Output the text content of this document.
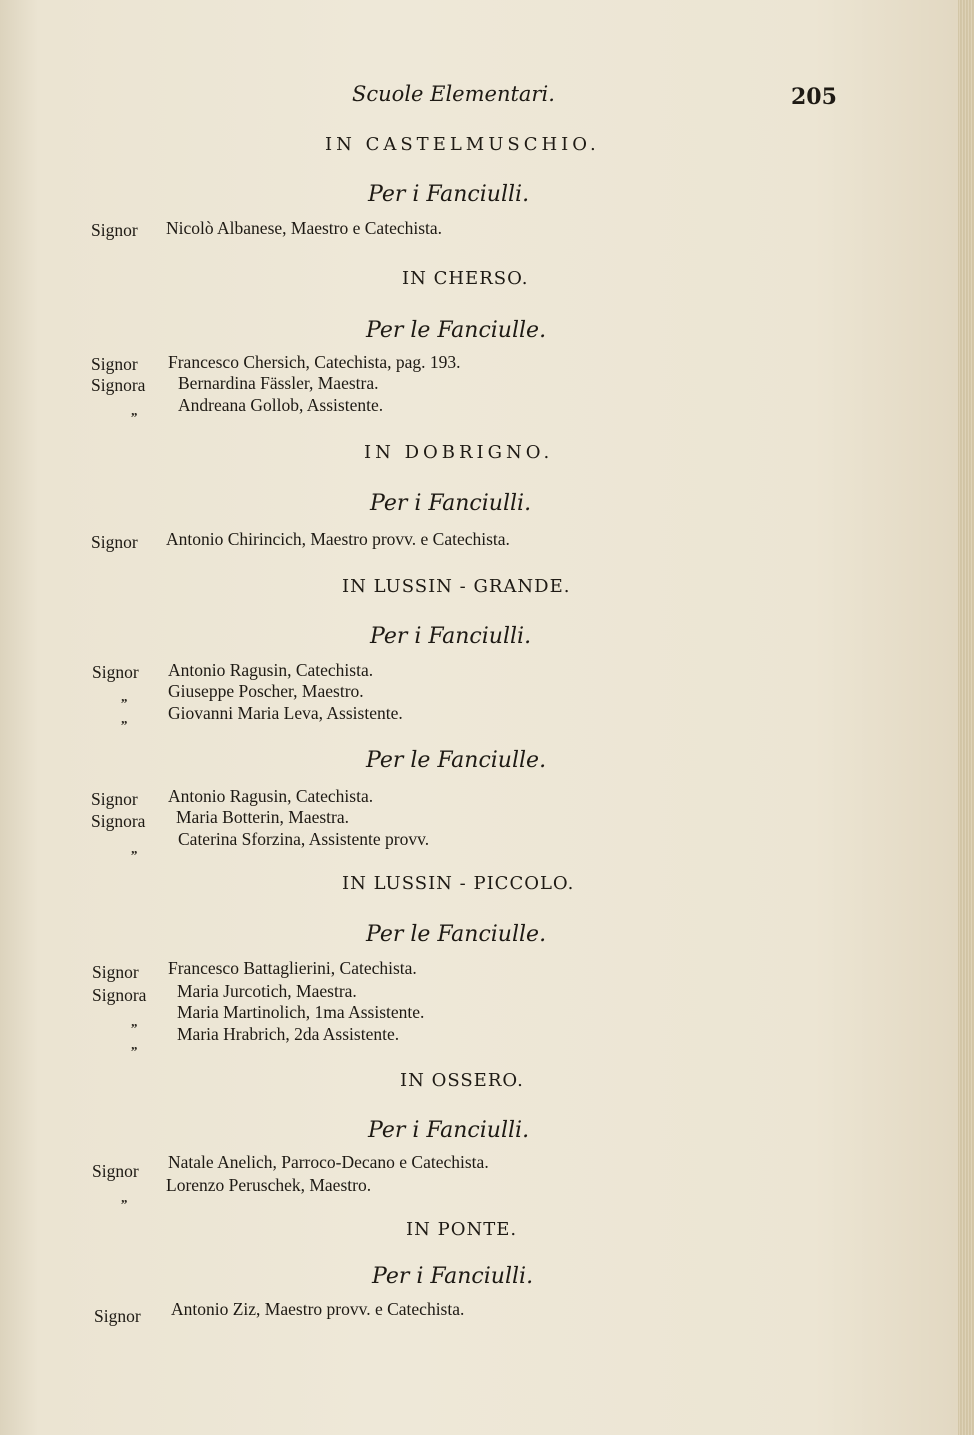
Scuole Elementari.	205
IN CASTELMUSCHIO.
Per i Fanciulli.
Signor Nicolò Albanese, Maestro e Catechista.
IN CHERSO.
Per le Fanciulle.
Signor Francesco Chersich, Catechista, pag. 193.
Signora Bernardina Fässler, Maestra.
„ Andreana Gollob, Assistente.
IN DOBRIGNO.
Per i Fanciulli.
Signor Antonio Chirincich, Maestro provv. e Catechista.
IN LUSSIN - GRANDE.
Per i Fanciulli.
Signor Antonio Ragusin, Catechista.
„ Giuseppe Poscher, Maestro.
„ Giovanni Maria Leva, Assistente.
Per le Fanciulle.
Signor Antonio Ragusin, Catechista.
Signora Maria Botterin, Maestra.
„ Caterina Sforzina, Assistente provv.
IN LUSSIN - PICCOLO.
Per le Fanciulle.
Signor Francesco Battaglierini, Catechista.
Signora Maria Jurcotich, Maestra.
„ Maria Martinolich, 1ma Assistente.
„
Maria Hrabrich, 2da Assistente.
IN OSSERO.
Per i Fanciulli.
Signor Natale Anelich, Parroco-Decano e Catechista.
„
Lorenzo Peruschek, Maestro.
IN PONTE.
Per i Fanciulli.
Signor Antonio Ziz, Maestro provv. e Catechista.
